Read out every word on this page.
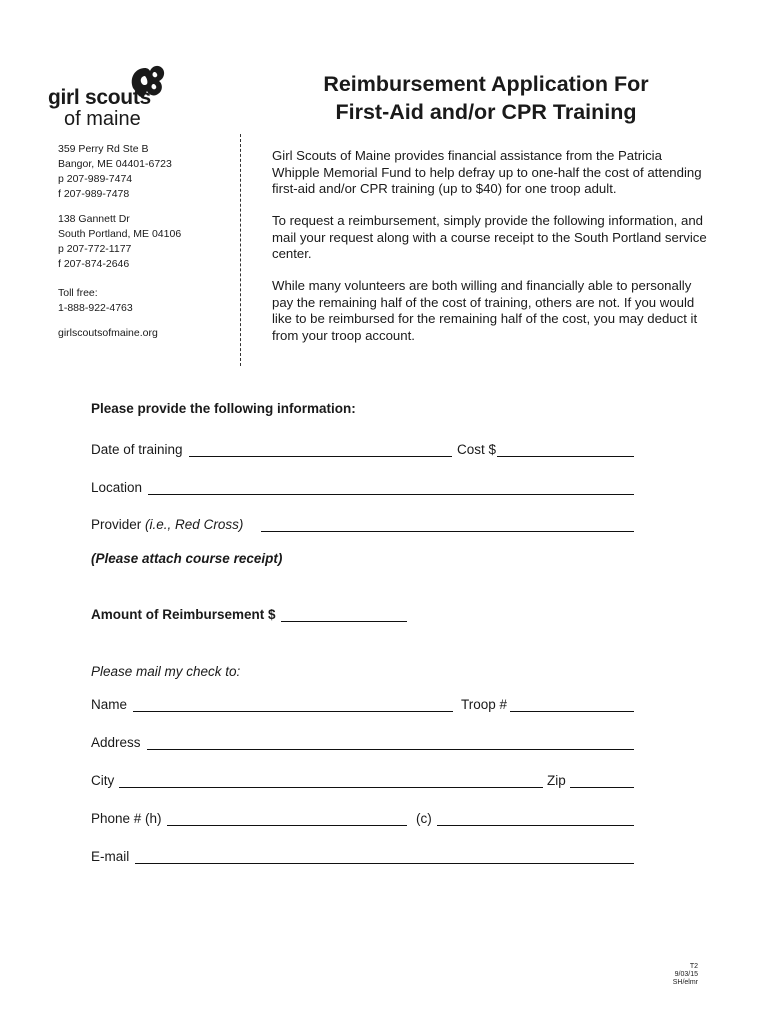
girl scouts
of maine
359 Perry Rd Ste B
Bangor, ME 04401-6723
p 207-989-7474
f 207-989-7478
138 Gannett Dr
South Portland, ME 04106
p 207-772-1177
f 207-874-2646
Toll free:
1-888-922-4763
girlscoutsofmaine.org
Reimbursement Application For
First-Aid and/or CPR Training
Girl Scouts of Maine provides financial assistance from the Patricia Whipple Memorial Fund to help defray up to one-half the cost of attending first-aid and/or CPR training (up to $40) for one troop adult.
To request a reimbursement, simply provide the following information, and mail your request along with a course receipt to the South Portland service center.
While many volunteers are both willing and financially able to personally pay the remaining half of the cost of training, others are not. If you would like to be reimbursed for the remaining half of the cost, you may deduct it from your troop account.
Please provide the following information:
Date of training	Cost $
Location
Provider (i.e., Red Cross)
(Please attach course receipt)
Amount of Reimbursement $
Please mail my check to:
Name	Troop #
Address
City	Zip
Phone # (h)	(c)
E-mail
T2
9/03/15
SH/elmr
